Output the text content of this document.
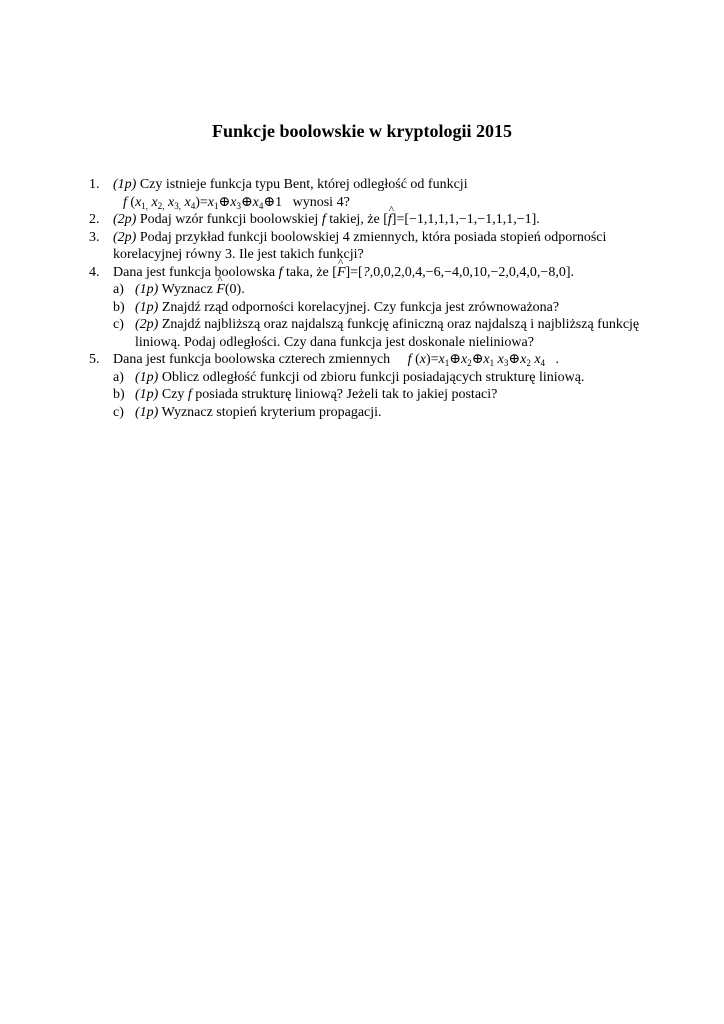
Funkcje boolowskie w kryptologii 2015
1. (1p) Czy istnieje funkcja typu Bent, której odległość od funkcji
f ($x_{1,}$ $x_{2,}$ $x_{3,}$ $x_4)=x_1\oplus x_3\oplus x_4\oplus 1$ wynosi 4?
2. (2p) Podaj wzór funkcji boolowskiej f takiej, że [^ f]=[−1,1,1,1,−1,−1,1,1,−1].
3. (2p) Podaj przykład funkcji boolowskiej 4 zmiennych, która posiada stopień odporności korelacyjnej równy 3. Ile jest takich funkcji?
4. Dana jest funkcja boolowska f taka, że [^ F]=[?,0,0,2,0,4,−6,−4,0,10,−2,0,4,0,−8,0].
a) (1p) Wyznacz ^ F(0).
b) (1p) Znajdź rząd odporności korelacyjnej. Czy funkcja jest zrównoważona?
c) (2p) Znajdź najbliższą oraz najdalszą funkcję afiniczną oraz najdalszą i najbliższą funkcję liniową. Podaj odległości. Czy dana funkcja jest doskonale nieliniowa?
5. Dana jest funkcja boolowska czterech zmiennych f $(x)=x_1\oplus x_2\oplus x_1$ $x_3\oplus x_2$ $x_4$ .
a) (1p) Oblicz odległość funkcji od zbioru funkcji posiadających strukturę liniową.
b) (1p) Czy f posiada strukturę liniową? Jeżeli tak to jakiej postaci?
c) (1p) Wyznacz stopień kryterium propagacji.
